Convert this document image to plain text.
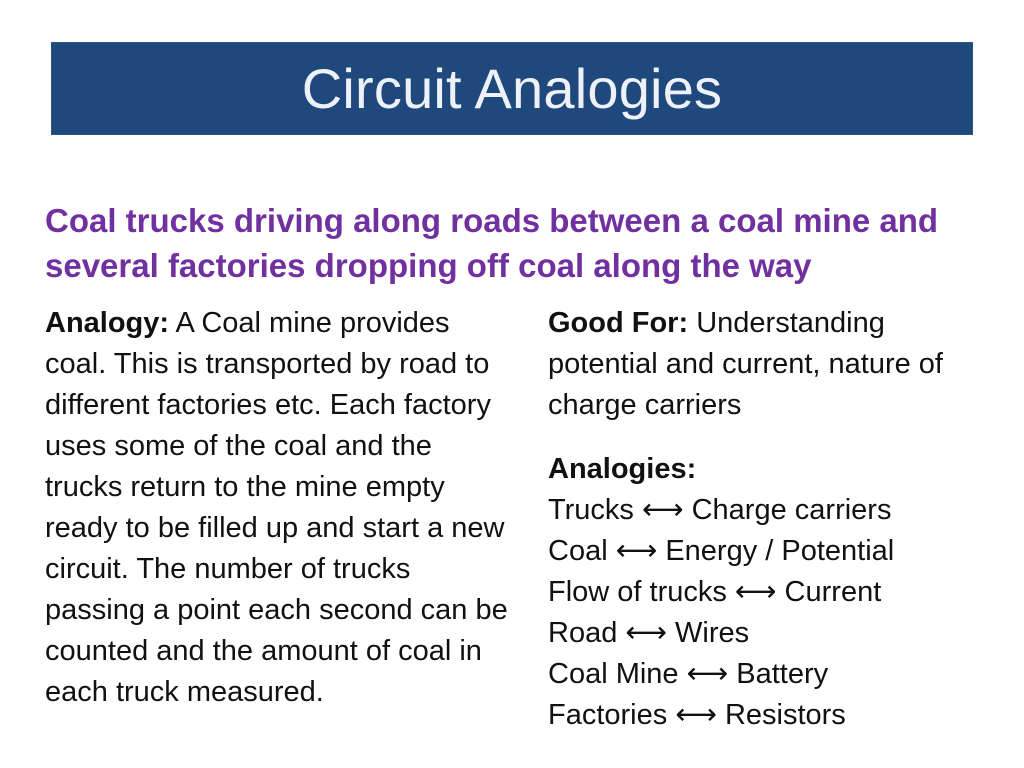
Circuit Analogies
Coal trucks driving along roads between a coal mine and several factories dropping off coal along the way
Analogy: A Coal mine provides coal. This is transported by road to different factories etc. Each factory uses some of the coal and the trucks return to the mine empty ready to be filled up and start a new circuit. The number of trucks passing a point each second can be counted and the amount of coal in each truck measured.
Good For: Understanding potential and current, nature of charge carriers
Analogies:
Trucks ⟷ Charge carriers
Coal ⟷ Energy / Potential
Flow of trucks ⟷ Current
Road ⟷ Wires
Coal Mine ⟷ Battery
Factories ⟷ Resistors
